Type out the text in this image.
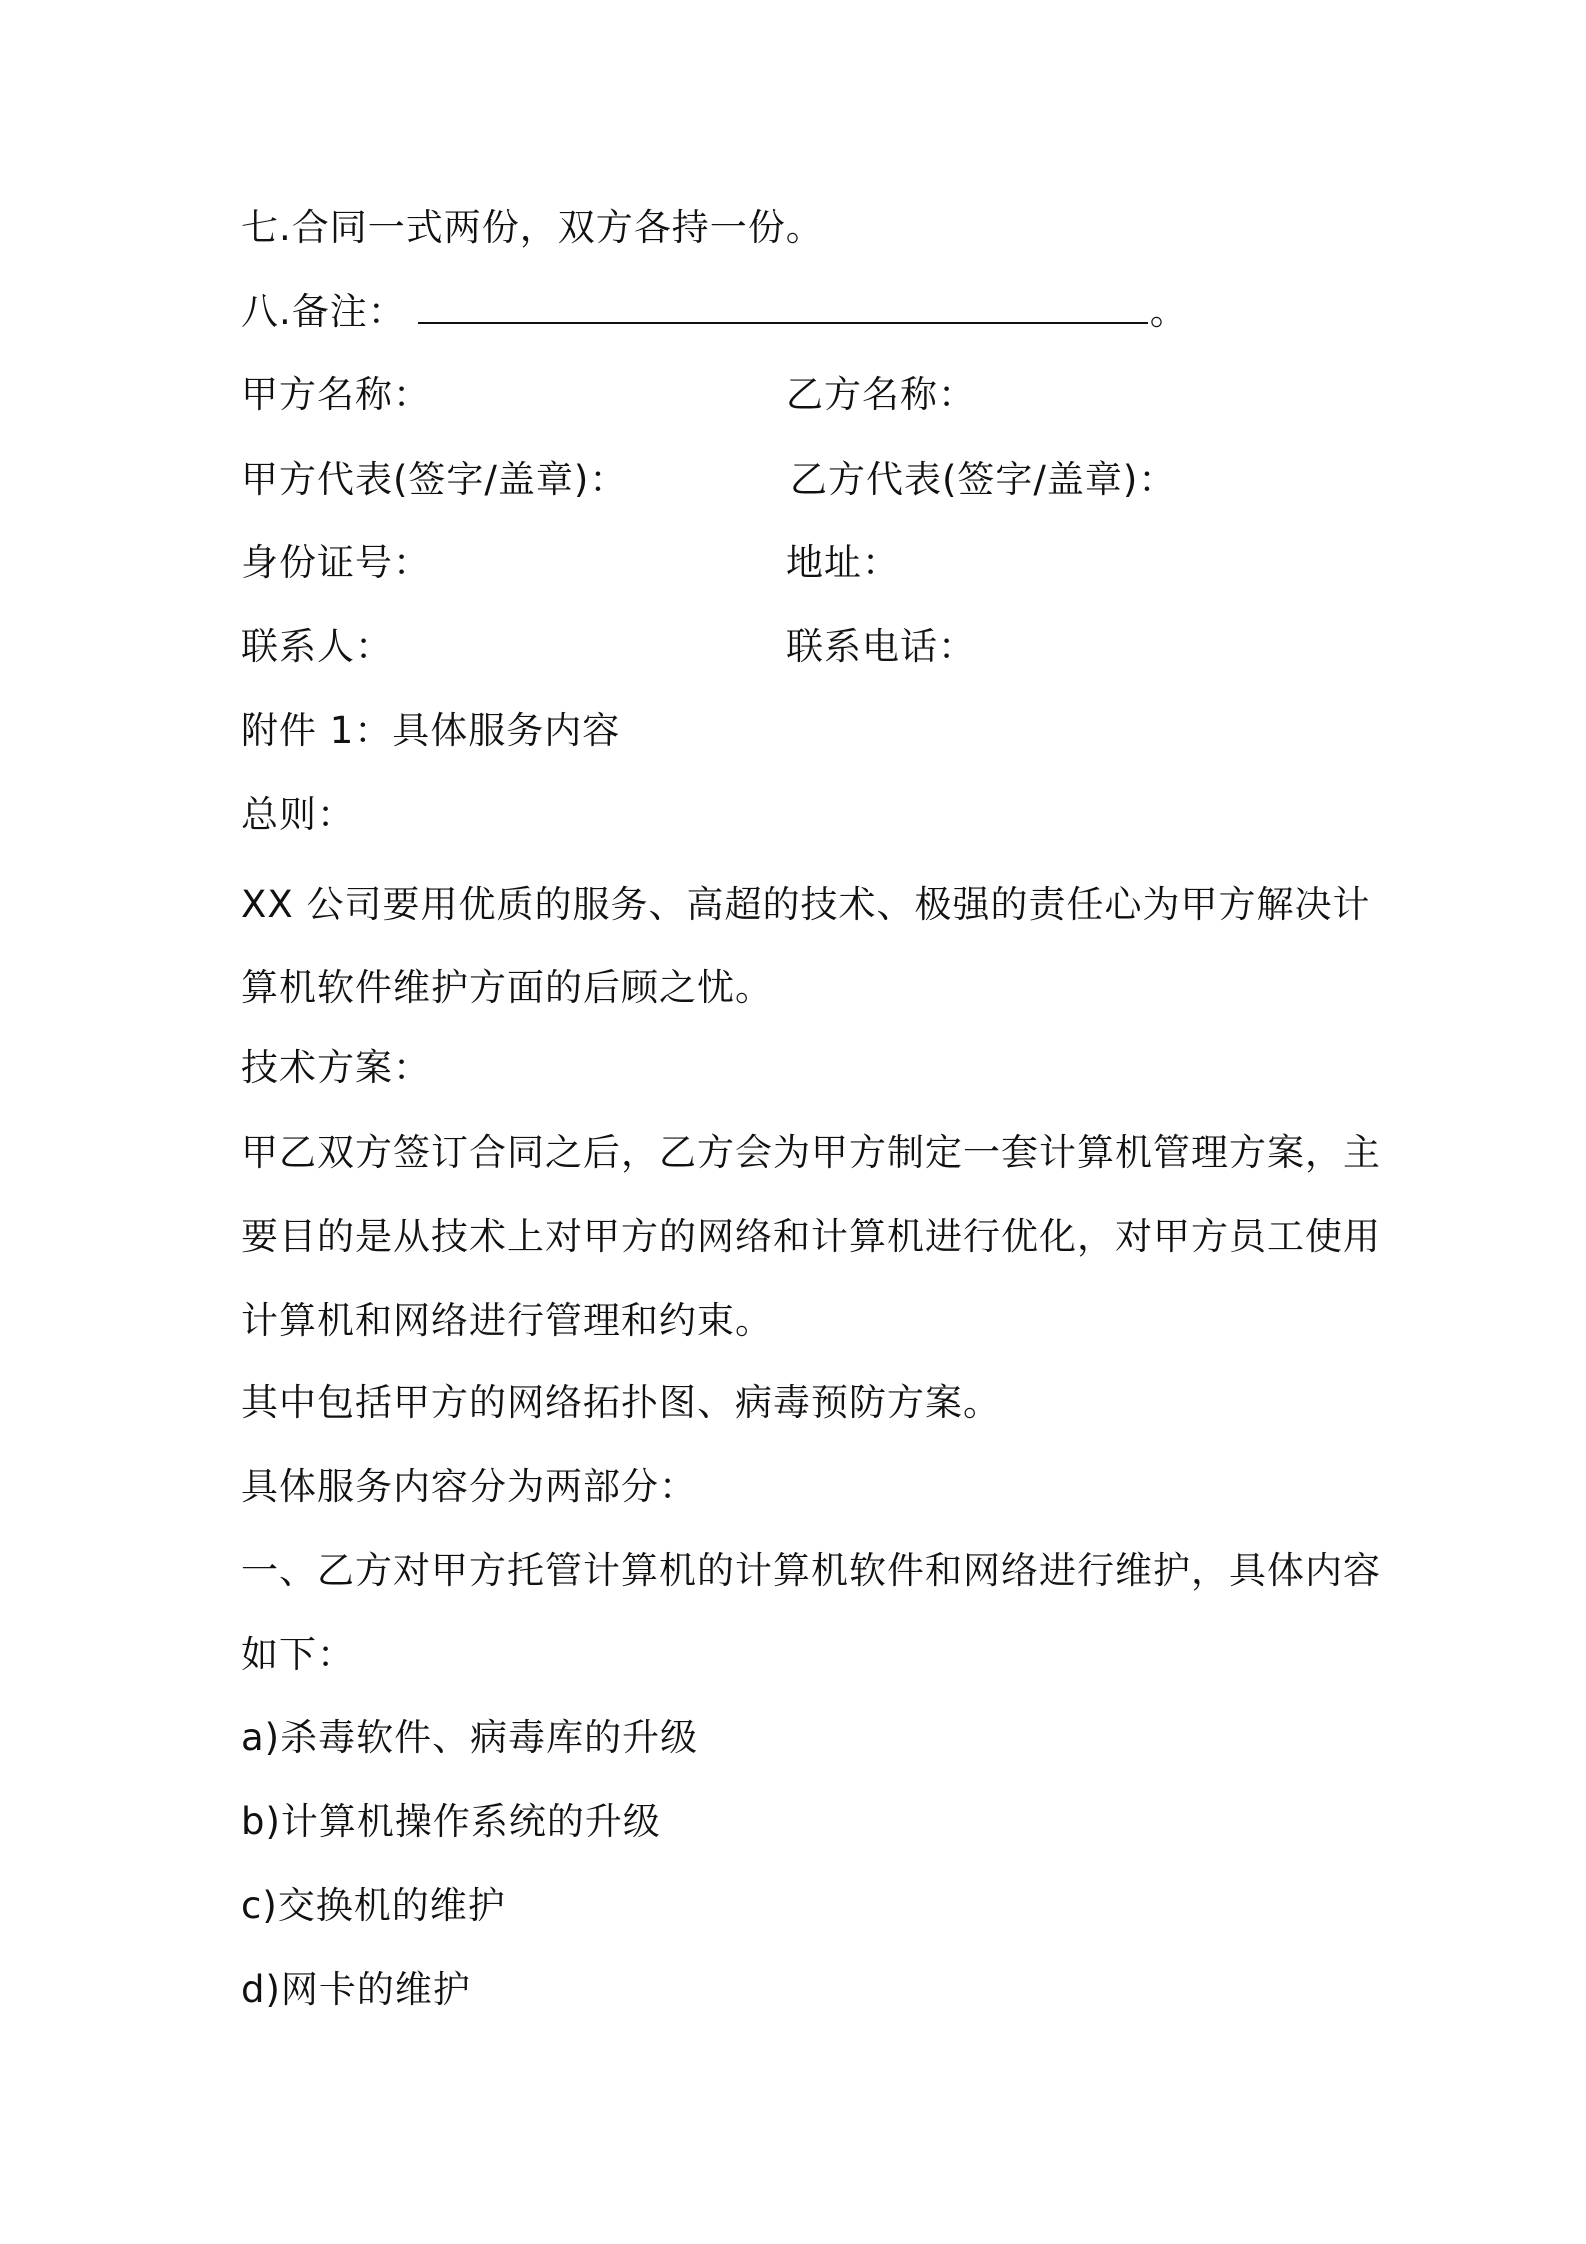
七.合同一式两份，双方各持一份。
八.备注：	。
甲方名称：	乙方名称：
甲方代表(签字/盖章)：	乙方代表(签字/盖章)：
身份证号：	地址：
联系人：	联系电话：
附件 1：具体服务内容
总则：
XX 公司要用优质的服务、高超的技术、极强的责任心为甲方解决计
算机软件维护方面的后顾之忧。
技术方案：
甲乙双方签订合同之后，乙方会为甲方制定一套计算机管理方案，主
要目的是从技术上对甲方的网络和计算机进行优化，对甲方员工使用
计算机和网络进行管理和约束。
其中包括甲方的网络拓扑图、病毒预防方案。
具体服务内容分为两部分：
一、乙方对甲方托管计算机的计算机软件和网络进行维护，具体内容
如下：
a)杀毒软件、病毒库的升级
b)计算机操作系统的升级
c)交换机的维护
d)网卡的维护
